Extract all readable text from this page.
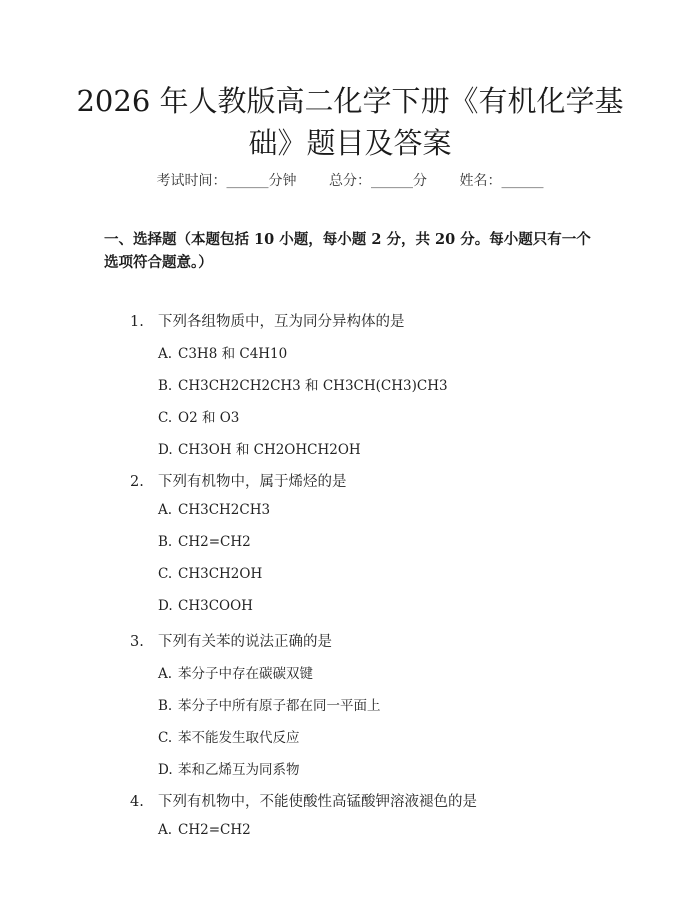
2026 年人教版高二化学下册《有机化学基础》题目及答案
考试时间：______分钟 总分：______分 姓名：______
一、选择题（本题包括 10 小题，每小题 2 分，共 20 分。每小题只有一个选项符合题意。）
1. 下列各组物质中，互为同分异构体的是
A. C3H8 和 C4H10
B. CH3CH2CH2CH3 和 CH3CH(CH3)CH3
C. O2 和 O3
D. CH3OH 和 CH2OHCH2OH
2. 下列有机物中，属于烯烃的是
A. CH3CH2CH3
B. CH2=CH2
C. CH3CH2OH
D. CH3COOH
3. 下列有关苯的说法正确的是
A. 苯分子中存在碳碳双键
B. 苯分子中所有原子都在同一平面上
C. 苯不能发生取代反应
D. 苯和乙烯互为同系物
4. 下列有机物中，不能使酸性高锰酸钾溶液褪色的是
A. CH2=CH2
